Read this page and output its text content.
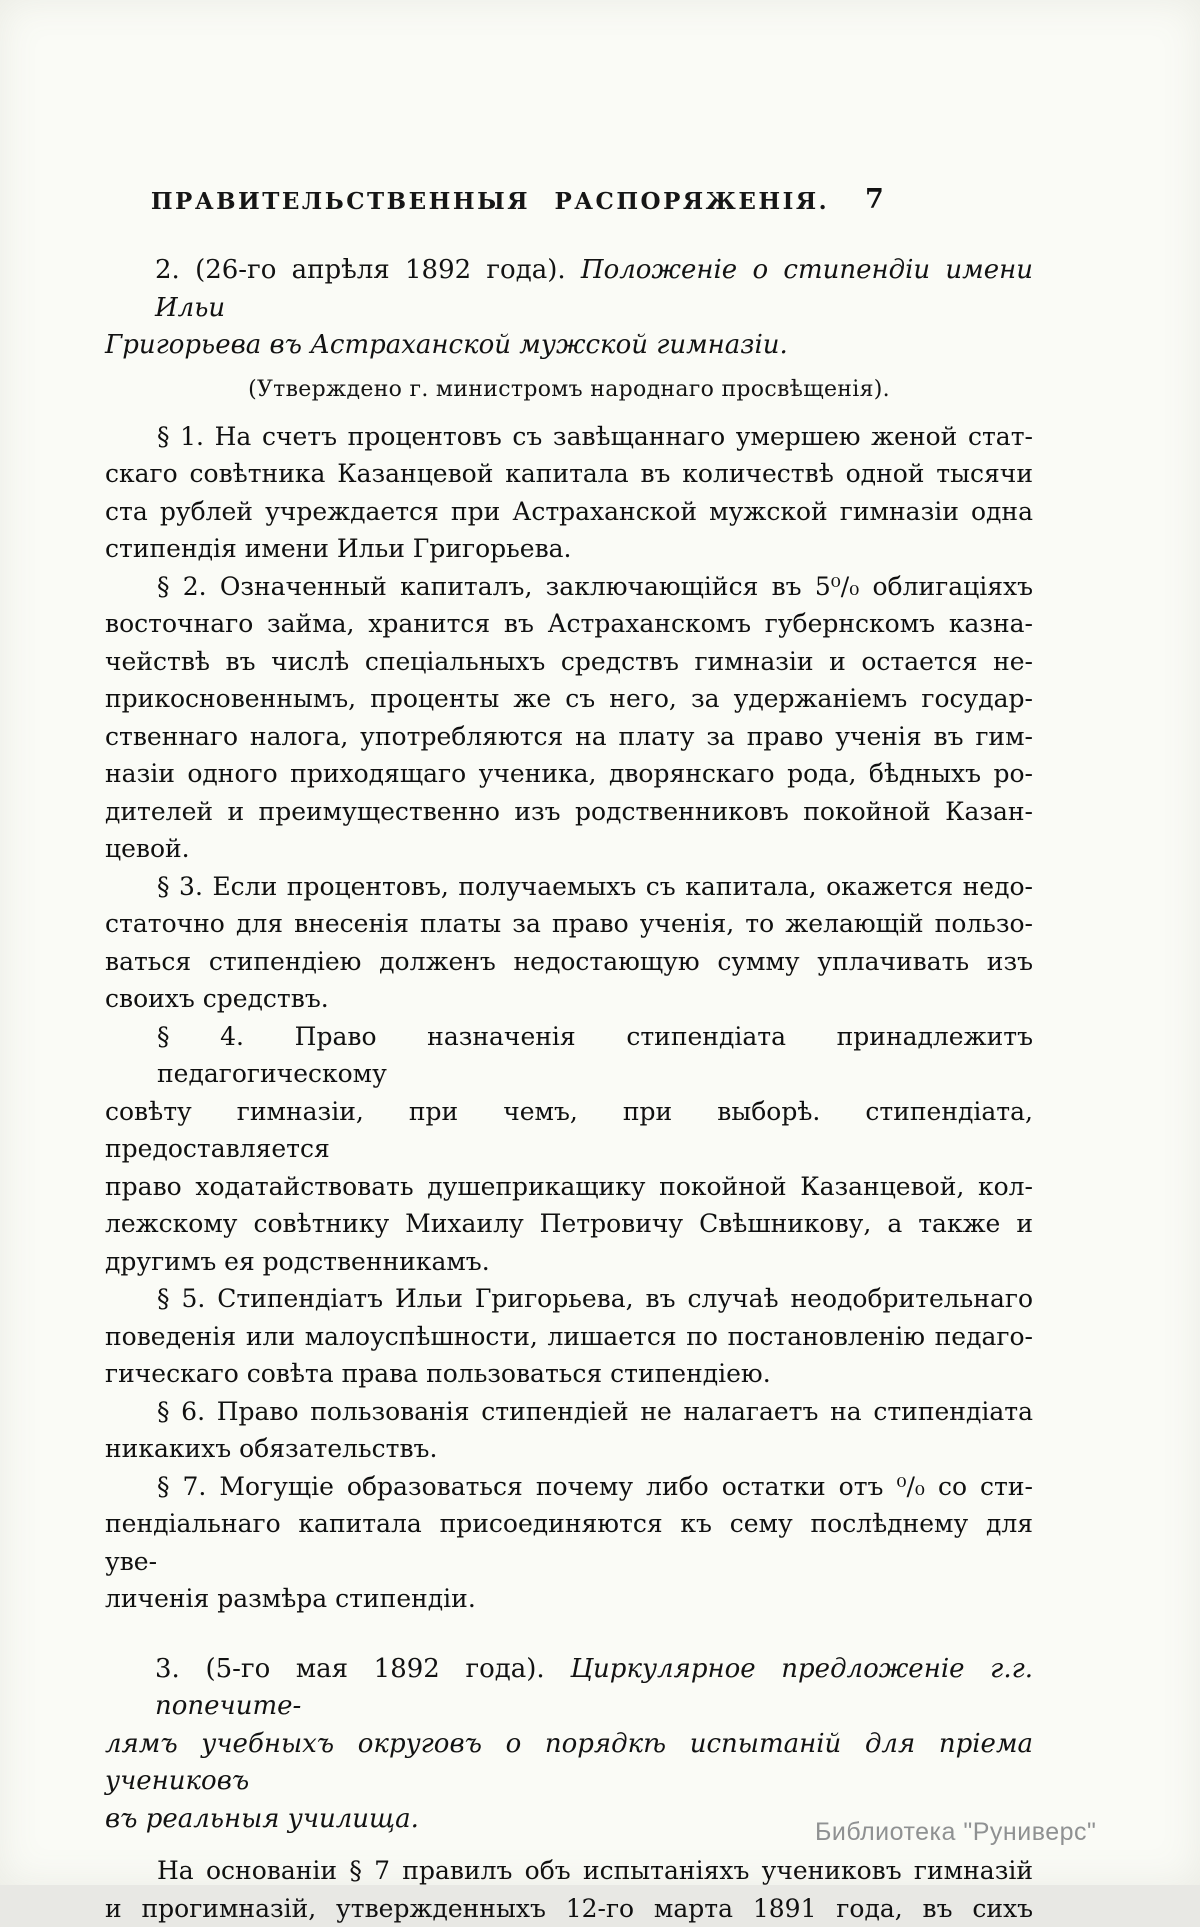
ПРАВИТЕЛЬСТВЕННЫЯ РАСПОРЯЖЕНІЯ.	7
2. (26-го апрѣля 1892 года). Положеніе о стипендіи имени Ильи
Григорьева въ Астраханской мужской гимназіи.
(Утверждено г. министромъ народнаго просвѣщенія).
§ 1. На счетъ процентовъ съ завѣщаннаго умершею женой стат-
скаго совѣтника Казанцевой капитала въ количествѣ одной тысячи
ста рублей учреждается при Астраханской мужской гимназіи одна
стипендія имени Ильи Григорьева.
§ 2. Означенный капиталъ, заключающійся въ 5⁰/₀ облигаціяхъ
восточнаго займа, хранится въ Астраханскомъ губернскомъ казна-
чействѣ въ числѣ спеціальныхъ средствъ гимназіи и остается не-
прикосновеннымъ, проценты же съ него, за удержаніемъ государ-
ственнаго налога, употребляются на плату за право ученія въ гим-
назіи одного приходящаго ученика, дворянскаго рода, бѣдныхъ ро-
дителей и преимущественно изъ родственниковъ покойной Казан-
цевой.
§ 3. Если процентовъ, получаемыхъ съ капитала, окажется недо-
статочно для внесенія платы за право ученія, то желающій пользо-
ваться стипендіею долженъ недостающую сумму уплачивать изъ
своихъ средствъ.
§ 4. Право назначенія стипендіата принадлежитъ педагогическому
совѣту гимназіи, при чемъ, при выборѣ. стипендіата, предоставляется
право ходатайствовать душеприкащику покойной Казанцевой, кол-
лежскому совѣтнику Михаилу Петровичу Свѣшникову, а также и
другимъ ея родственникамъ.
§ 5. Стипендіатъ Ильи Григорьева, въ случаѣ неодобрительнаго
поведенія или малоуспѣшности, лишается по постановленію педаго-
гическаго совѣта права пользоваться стипендіею.
§ 6. Право пользованія стипендіей не налагаетъ на стипендіата
никакихъ обязательствъ.
§ 7. Могущіе образоваться почему либо остатки отъ ⁰/₀ со сти-
пендіальнаго капитала присоединяются къ сему послѣднему для уве-
личенія размѣра стипендіи.
3. (5-го мая 1892 года). Циркулярное предложеніе г.г. попечите-
лямъ учебныхъ округовъ о порядкѣ испытаній для пріема учениковъ
въ реальныя училища.
На основаніи § 7 правилъ объ испытаніяхъ учениковъ гимназій
и прогимназій, утвержденныхъ 12-го марта 1891 года, въ сихъ
Библиотека "Руниверс"
